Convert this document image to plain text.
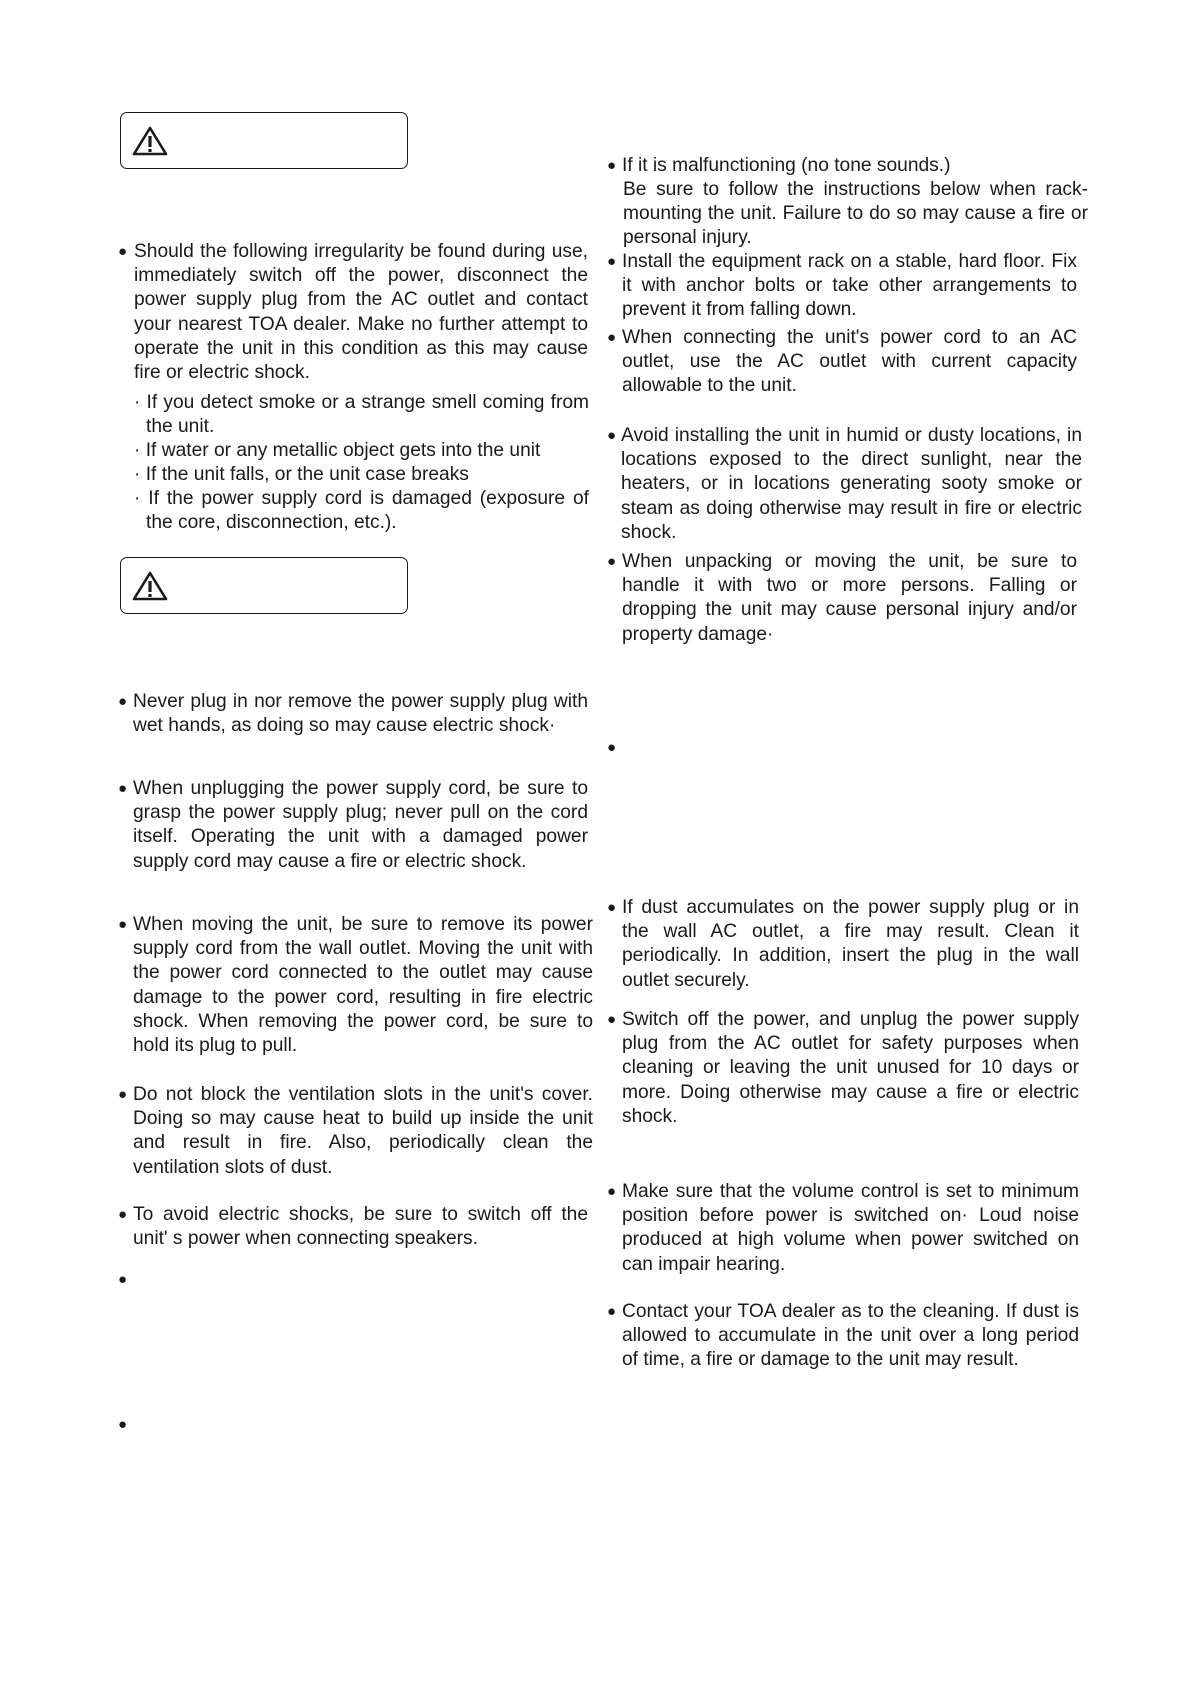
● Should the following irregularity be found during use, immediately switch off the power, disconnect the power supply plug from the AC outlet and contact your nearest TOA dealer. Make no further attempt to operate the unit in this condition as this may cause fire or electric shock.

· If you detect smoke or a strange smell coming from the unit.

· If water or any metallic object gets into the unit

· If the unit falls, or the unit case breaks

· If the power supply cord is damaged (exposure of the core, disconnection, etc.).

● Never plug in nor remove the power supply plug with wet hands, as doing so may cause electric shock·

● When unplugging the power supply cord, be sure to grasp the power supply plug; never pull on the cord itself. Operating the unit with a damaged power supply cord may cause a fire or electric shock.

● When moving the unit, be sure to remove its power supply cord from the wall outlet. Moving the unit with the power cord connected to the outlet may cause damage to the power cord, resulting in fire electric shock. When removing the power cord, be sure to hold its plug to pull.

● Do not block the ventilation slots in the unit's cover. Doing so may cause heat to build up inside the unit and result in fire. Also, periodically clean the ventilation slots of dust.

● To avoid electric shocks, be sure to switch off the unit' s power when connecting speakers.

●
●
● If it is malfunctioning (no tone sounds.)

Be sure to follow the instructions below when rack-mounting the unit. Failure to do so may cause a fire or personal injury.

● Install the equipment rack on a stable, hard floor. Fix it with anchor bolts or take other arrangements to prevent it from falling down.

● When connecting the unit's power cord to an AC outlet, use the AC outlet with current capacity allowable to the unit.

● Avoid installing the unit in humid or dusty locations, in locations exposed to the direct sunlight, near the heaters, or in locations generating sooty smoke or steam as doing otherwise may result in fire or electric shock.

● When unpacking or moving the unit, be sure to handle it with two or more persons. Falling or dropping the unit may cause personal injury and/or property damage·

●
● If dust accumulates on the power supply plug or in the wall AC outlet, a fire may result. Clean it periodically. In addition, insert the plug in the wall outlet securely.

● Switch off the power, and unplug the power supply plug from the AC outlet for safety purposes when cleaning or leaving the unit unused for 10 days or more. Doing otherwise may cause a fire or electric shock.

● Make sure that the volume control is set to minimum position before power is switched on· Loud noise produced at high volume when power switched on can impair hearing.

● Contact your TOA dealer as to the cleaning. If dust is allowed to accumulate in the unit over a long period of time, a fire or damage to the unit may result.
